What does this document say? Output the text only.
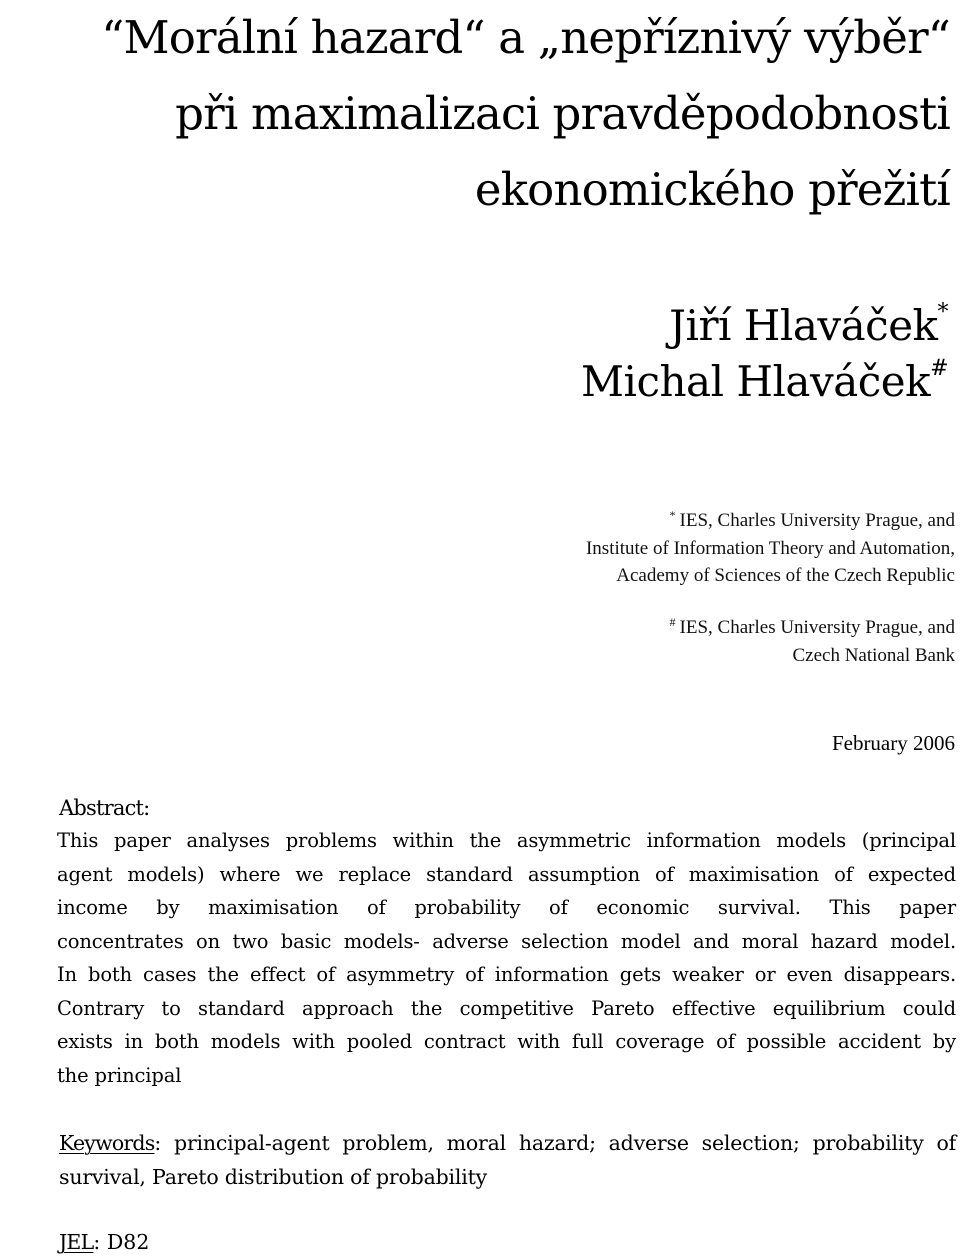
“Morální hazard“ a „nepříznivý výběr“
při maximalizaci pravděpodobnosti
ekonomického přežití
Jiří Hlaváček*
Michal Hlaváček#
* IES, Charles University Prague, and
Institute of Information Theory and Automation,
Academy of Sciences of the Czech Republic
# IES, Charles University Prague, and
Czech National Bank
February 2006
Abstract:
This paper analyses problems within the asymmetric information models (principal
agent models) where we replace standard assumption of maximisation of expected
income by maximisation of probability of economic survival. This paper
concentrates on two basic models- adverse selection model and moral hazard model.
In both cases the effect of asymmetry of information gets weaker or even disappears.
Contrary to standard approach the competitive Pareto effective equilibrium could
exists in both models with pooled contract with full coverage of possible accident by
the principal
Keywords: principal-agent problem, moral hazard; adverse selection; probability of
survival, Pareto distribution of probability
JEL: D82
